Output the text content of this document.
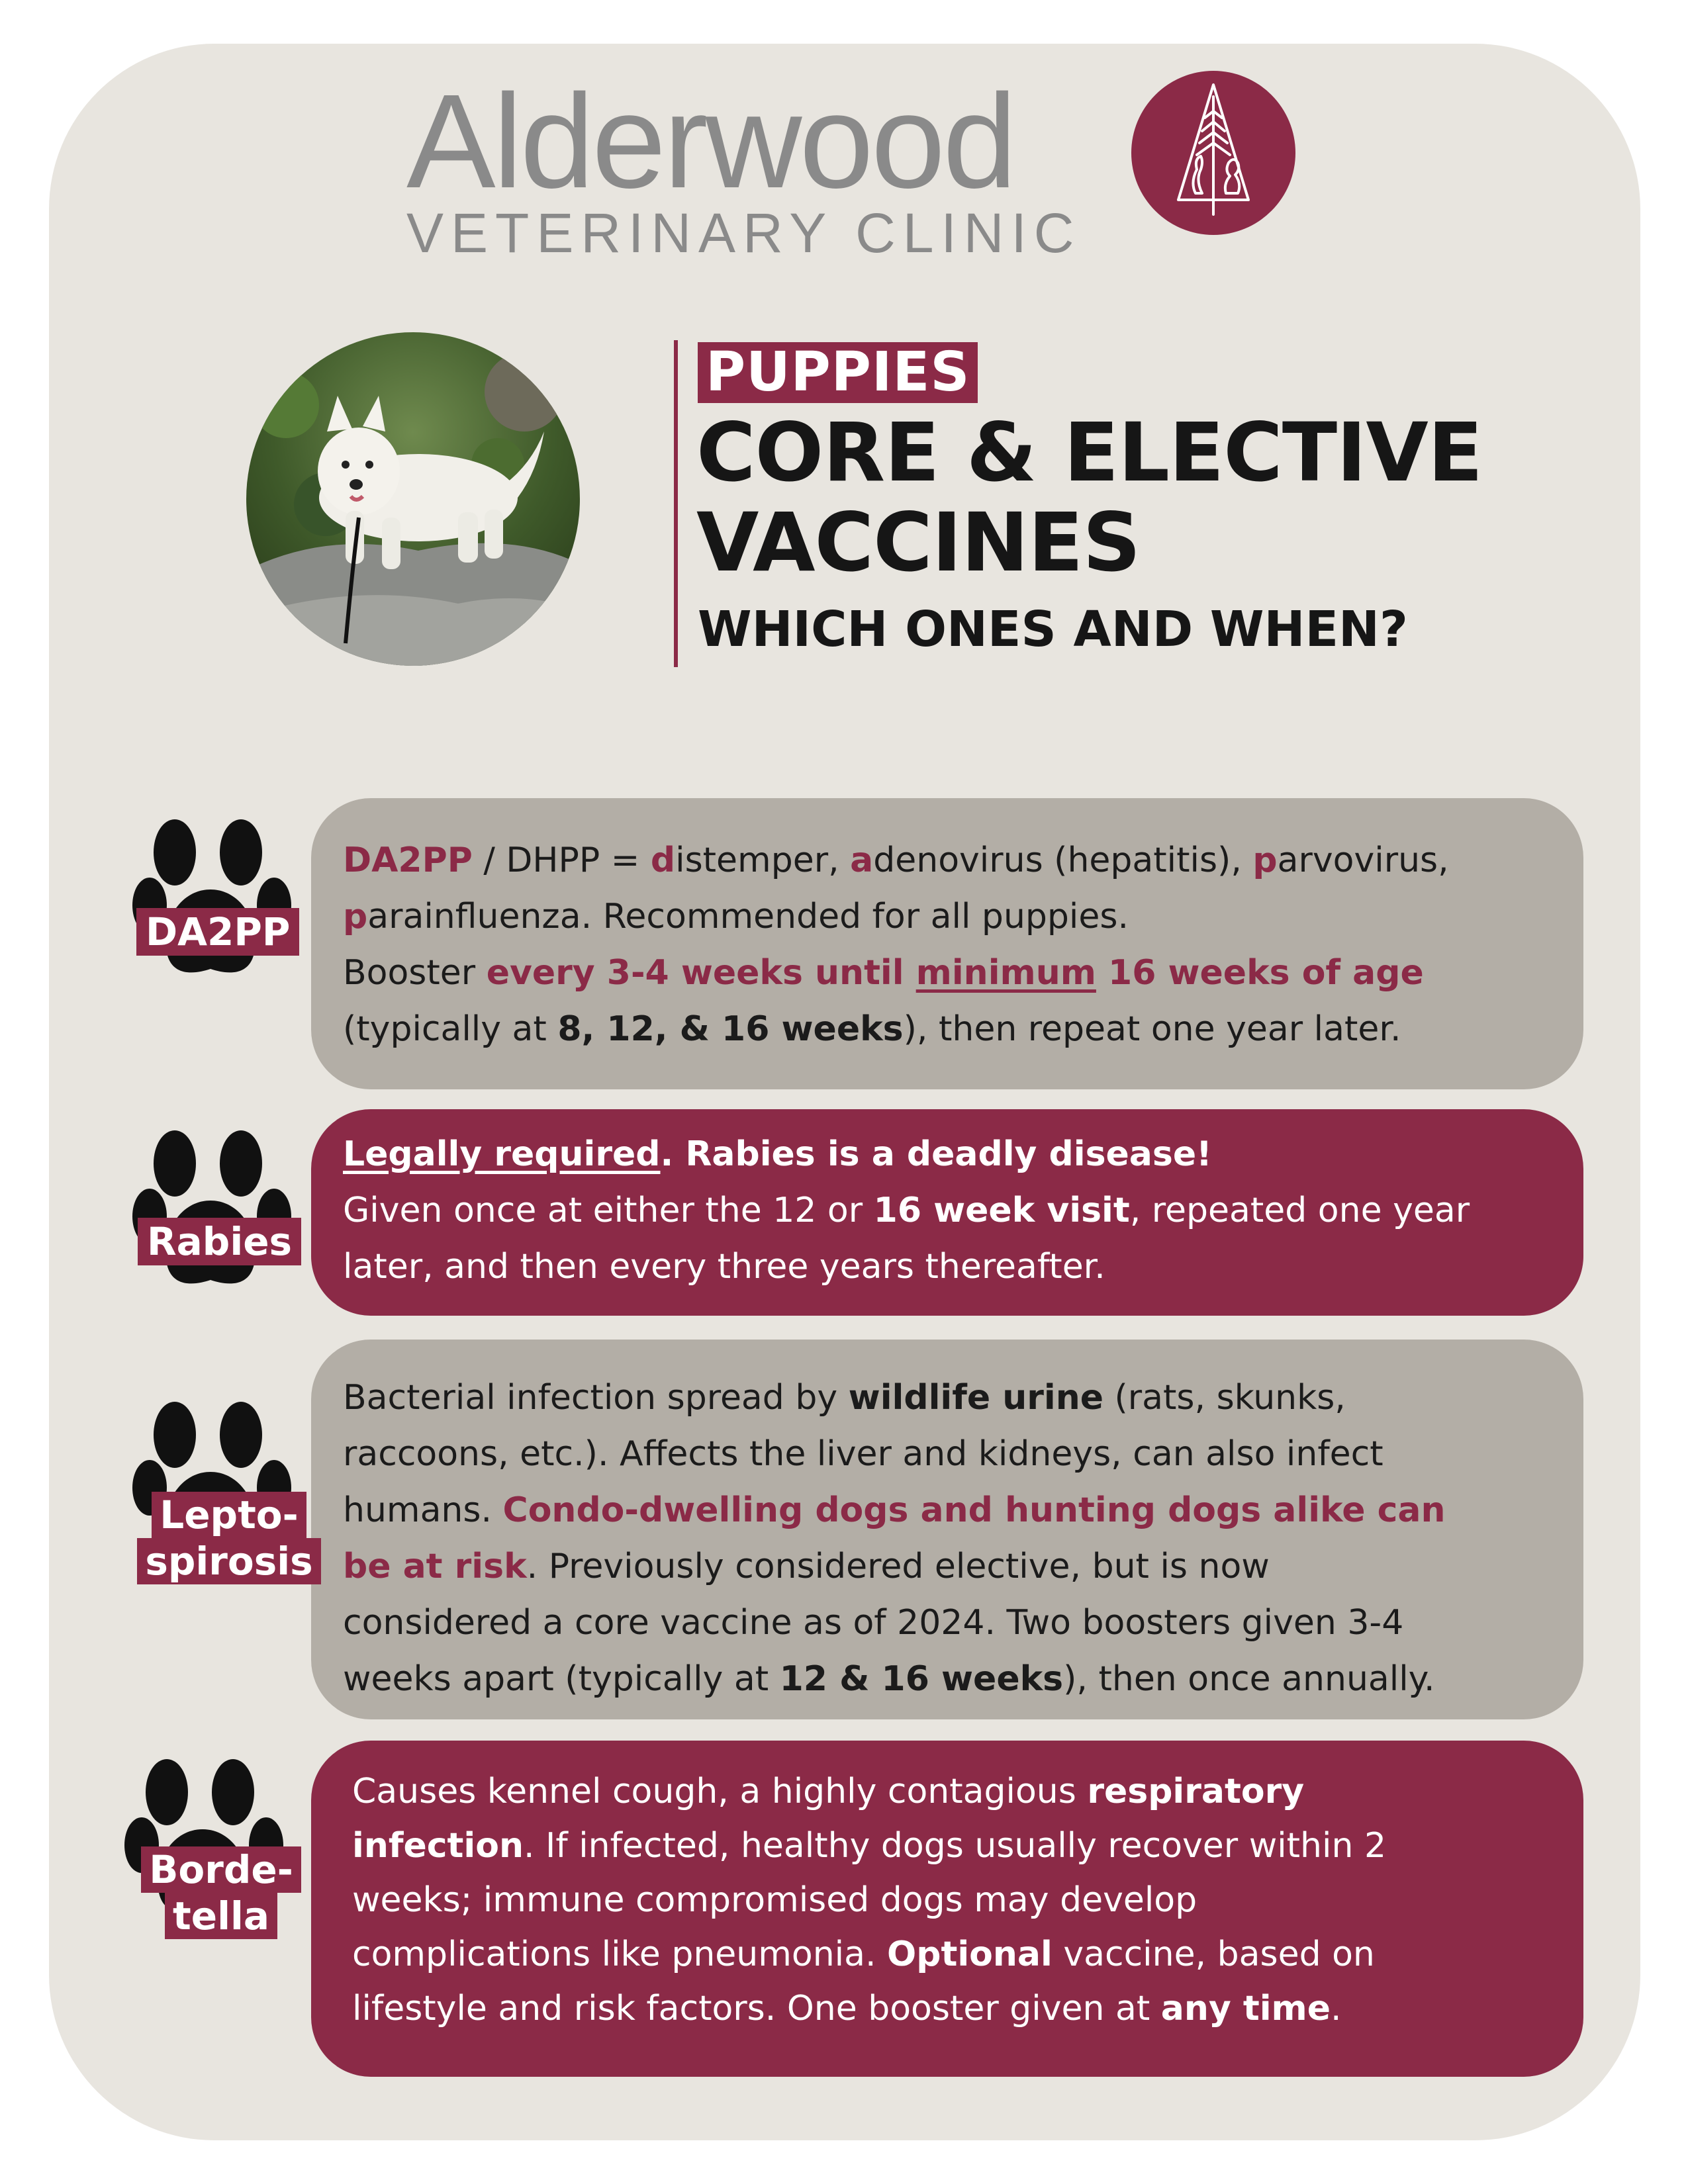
Alderwood
VETERINARY CLINIC
PUPPIES
CORE & ELECTIVE
VACCINES
WHICH ONES AND WHEN?
DA2PP / DHPP = distemper, adenovirus (hepatitis), parvovirus,
parainfluenza. Recommended for all puppies.
Booster every 3-4 weeks until minimum 16 weeks of age
(typically at 8, 12, & 16 weeks), then repeat one year later.
DA2PP
Legally required. Rabies is a deadly disease!
Given once at either the 12 or 16 week visit, repeated one year
later, and then every three years thereafter.
Rabies
Bacterial infection spread by wildlife urine (rats, skunks,
raccoons, etc.). Affects the liver and kidneys, can also infect
humans. Condo-dwelling dogs and hunting dogs alike can
be at risk. Previously considered elective, but is now
considered a core vaccine as of 2024. Two boosters given 3-4
weeks apart (typically at 12 & 16 weeks), then once annually.
Lepto-
spirosis
Causes kennel cough, a highly contagious respiratory
infection. If infected, healthy dogs usually recover within 2
weeks; immune compromised dogs may develop
complications like pneumonia. Optional vaccine, based on
lifestyle and risk factors. One booster given at any time.
Borde-
tella
